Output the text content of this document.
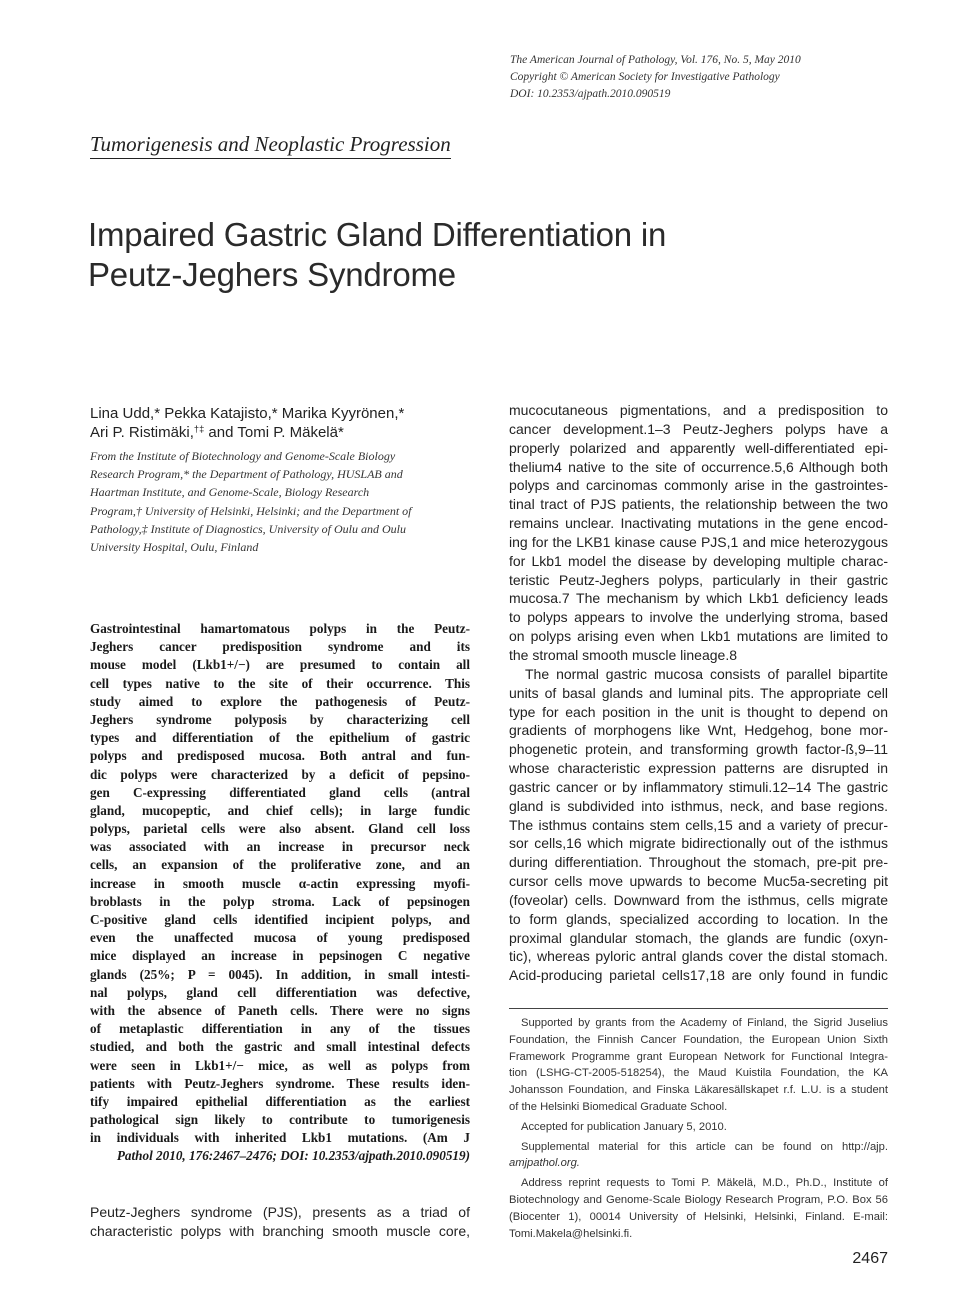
The American Journal of Pathology, Vol. 176, No. 5, May 2010
Copyright © American Society for Investigative Pathology
DOI: 10.2353/ajpath.2010.090519
Tumorigenesis and Neoplastic Progression
Impaired Gastric Gland Differentiation in
Peutz-Jeghers Syndrome
Lina Udd,* Pekka Katajisto,* Marika Kyyrönen,*
Ari P. Ristimäki,†‡ and Tomi P. Mäkelä*
From the Institute of Biotechnology and Genome-Scale Biology
Research Program,* the Department of Pathology, HUSLAB and
Haartman Institute, and Genome-Scale, Biology Research
Program,† University of Helsinki, Helsinki; and the Department of
Pathology,‡ Institute of Diagnostics, University of Oulu and Oulu
University Hospital, Oulu, Finland
Gastrointestinal hamartomatous polyps in the Peutz-
Jeghers cancer predisposition syndrome and its
mouse model (Lkb1+/−) are presumed to contain all
cell types native to the site of their occurrence. This
study aimed to explore the pathogenesis of Peutz-
Jeghers syndrome polyposis by characterizing cell
types and differentiation of the epithelium of gastric
polyps and predisposed mucosa. Both antral and fun-
dic polyps were characterized by a deficit of pepsino-
gen C-expressing differentiated gland cells (antral
gland, mucopeptic, and chief cells); in large fundic
polyps, parietal cells were also absent. Gland cell loss
was associated with an increase in precursor neck
cells, an expansion of the proliferative zone, and an
increase in smooth muscle α-actin expressing myofi-
broblasts in the polyp stroma. Lack of pepsinogen
C-positive gland cells identified incipient polyps, and
even the unaffected mucosa of young predisposed
mice displayed an increase in pepsinogen C negative
glands (25%; P = 0045). In addition, in small intesti-
nal polyps, gland cell differentiation was defective,
with the absence of Paneth cells. There were no signs
of metaplastic differentiation in any of the tissues
studied, and both the gastric and small intestinal defects
were seen in Lkb1+/− mice, as well as polyps from
patients with Peutz-Jeghers syndrome. These results iden-
tify impaired epithelial differentiation as the earliest
pathological sign likely to contribute to tumorigenesis
in individuals with inherited Lkb1 mutations. (Am J
Pathol 2010, 176:2467–2476; DOI: 10.2353/ajpath.2010.090519)
Peutz-Jeghers syndrome (PJS), presents as a triad of
characteristic polyps with branching smooth muscle core,
mucocutaneous pigmentations, and a predisposition to
cancer development.1–3 Peutz-Jeghers polyps have a
properly polarized and apparently well-differentiated epi-
thelium4 native to the site of occurrence.5,6 Although both
polyps and carcinomas commonly arise in the gastrointes-
tinal tract of PJS patients, the relationship between the two
remains unclear. Inactivating mutations in the gene encod-
ing for the LKB1 kinase cause PJS,1 and mice heterozygous
for Lkb1 model the disease by developing multiple charac-
teristic Peutz-Jeghers polyps, particularly in their gastric
mucosa.7 The mechanism by which Lkb1 deficiency leads
to polyps appears to involve the underlying stroma, based
on polyps arising even when Lkb1 mutations are limited to
the stromal smooth muscle lineage.8
The normal gastric mucosa consists of parallel bipartite
units of basal glands and luminal pits. The appropriate cell
type for each position in the unit is thought to depend on
gradients of morphogens like Wnt, Hedgehog, bone mor-
phogenetic protein, and transforming growth factor-ß,9–11
whose characteristic expression patterns are disrupted in
gastric cancer or by inflammatory stimuli.12–14 The gastric
gland is subdivided into isthmus, neck, and base regions.
The isthmus contains stem cells,15 and a variety of precur-
sor cells,16 which migrate bidirectionally out of the isthmus
during differentiation. Throughout the stomach, pre-pit pre-
cursor cells move upwards to become Muc5a-secreting pit
(foveolar) cells. Downward from the isthmus, cells migrate
to form glands, specialized according to location. In the
proximal glandular stomach, the glands are fundic (oxyn-
tic), whereas pyloric antral glands cover the distal stomach.
Acid-producing parietal cells17,18 are only found in fundic
Supported by grants from the Academy of Finland, the Sigrid Juselius
Foundation, the Finnish Cancer Foundation, the European Union Sixth
Framework Programme grant European Network for Functional Integra-
tion (LSHG-CT-2005-518254), the Maud Kuistila Foundation, the KA
Johansson Foundation, and Finska Läkaresällskapet r.f. L.U. is a student
of the Helsinki Biomedical Graduate School.
Accepted for publication January 5, 2010.
Supplemental material for this article can be found on http://ajp.
amjpathol.org.
Address reprint requests to Tomi P. Mäkelä, M.D., Ph.D., Institute of
Biotechnology and Genome-Scale Biology Research Program, P.O. Box 56
(Biocenter 1), 00014 University of Helsinki, Helsinki, Finland. E-mail:
Tomi.Makela@helsinki.fi.
2467
